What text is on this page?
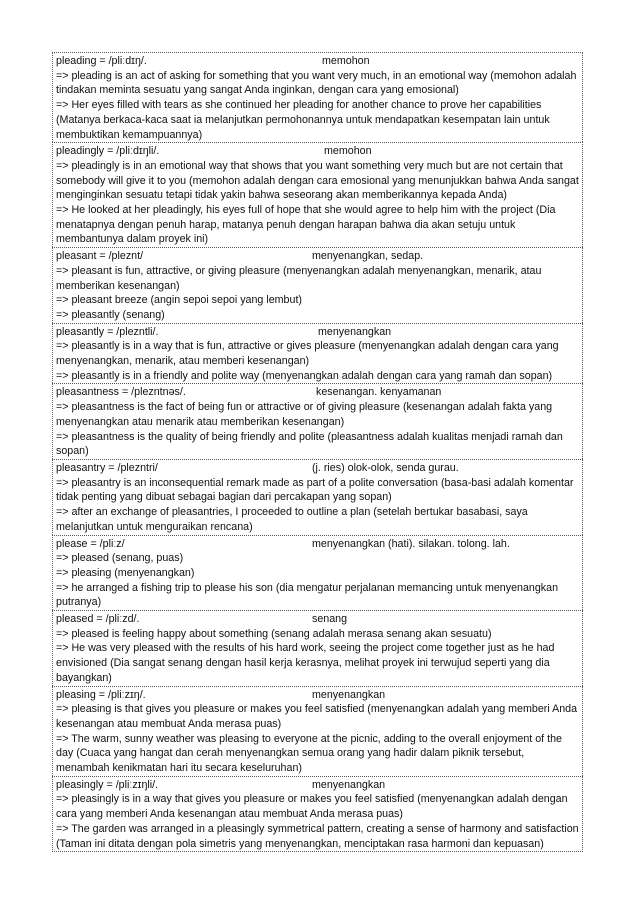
pleading = /pliːdɪŋ/.	memohon
=> pleading is an act of asking for something that you want very much, in an emotional way (memohon adalah tindakan meminta sesuatu yang sangat Anda inginkan, dengan cara yang emosional)
=> Her eyes filled with tears as she continued her pleading for another chance to prove her capabilities (Matanya berkaca-kaca saat ia melanjutkan permohonannya untuk mendapatkan kesempatan lain untuk membuktikan kemampuannya)
pleadingly = /pliːdɪŋli/.	memohon
=> pleadingly is in an emotional way that shows that you want something very much but are not certain that somebody will give it to you (memohon adalah dengan cara emosional yang menunjukkan bahwa Anda sangat menginginkan sesuatu tetapi tidak yakin bahwa seseorang akan memberikannya kepada Anda)
=> He looked at her pleadingly, his eyes full of hope that she would agree to help him with the project (Dia menatapnya dengan penuh harap, matanya penuh dengan harapan bahwa dia akan setuju untuk membantunya dalam proyek ini)
pleasant = /pleznt/	menyenangkan, sedap.
=> pleasant is fun, attractive, or giving pleasure (menyenangkan adalah menyenangkan, menarik, atau memberikan kesenangan)
=> pleasant breeze (angin sepoi sepoi yang lembut)
=> pleasantly (senang)
pleasantly = /plezntli/.	menyenangkan
=> pleasantly is in a way that is fun, attractive or gives pleasure (menyenangkan adalah dengan cara yang menyenangkan, menarik, atau memberi kesenangan)
=> pleasantly is in a friendly and polite way (menyenangkan adalah dengan cara yang ramah dan sopan)
pleasantness = /plezntnəs/.	kesenangan. kenyamanan
=> pleasantness is the fact of being fun or attractive or of giving pleasure (kesenangan adalah fakta yang menyenangkan atau menarik atau memberikan kesenangan)
=> pleasantness is the quality of being friendly and polite (pleasantness adalah kualitas menjadi ramah dan sopan)
pleasantry = /plezntri/	(j. ries) olok-olok, senda gurau.
=> pleasantry is an inconsequential remark made as part of a polite conversation (basa-basi adalah komentar tidak penting yang dibuat sebagai bagian dari percakapan yang sopan)
=> after an exchange of pleasantries, I proceeded to outline a plan (setelah bertukar basabasi, saya melanjutkan untuk menguraikan rencana)
please = /pliːz/	menyenangkan (hati). silakan. tolong. lah.
=> pleased (senang, puas)
=> pleasing (menyenangkan)
=> he arranged a fishing trip to please his son (dia mengatur perjalanan memancing untuk menyenangkan putranya)
pleased = /pliːzd/.	senang
=> pleased is feeling happy about something (senang adalah merasa senang akan sesuatu)
=> He was very pleased with the results of his hard work, seeing the project come together just as he had envisioned (Dia sangat senang dengan hasil kerja kerasnya, melihat proyek ini terwujud seperti yang dia bayangkan)
pleasing = /pliːzɪŋ/.	menyenangkan
=> pleasing is that gives you pleasure or makes you feel satisfied (menyenangkan adalah yang memberi Anda kesenangan atau membuat Anda merasa puas)
=> The warm, sunny weather was pleasing to everyone at the picnic, adding to the overall enjoyment of the day (Cuaca yang hangat dan cerah menyenangkan semua orang yang hadir dalam piknik tersebut, menambah kenikmatan hari itu secara keseluruhan)
pleasingly = /pliːzɪŋli/.	menyenangkan
=> pleasingly is in a way that gives you pleasure or makes you feel satisfied (menyenangkan adalah dengan cara yang memberi Anda kesenangan atau membuat Anda merasa puas)
=> The garden was arranged in a pleasingly symmetrical pattern, creating a sense of harmony and satisfaction (Taman ini ditata dengan pola simetris yang menyenangkan, menciptakan rasa harmoni dan kepuasan)
